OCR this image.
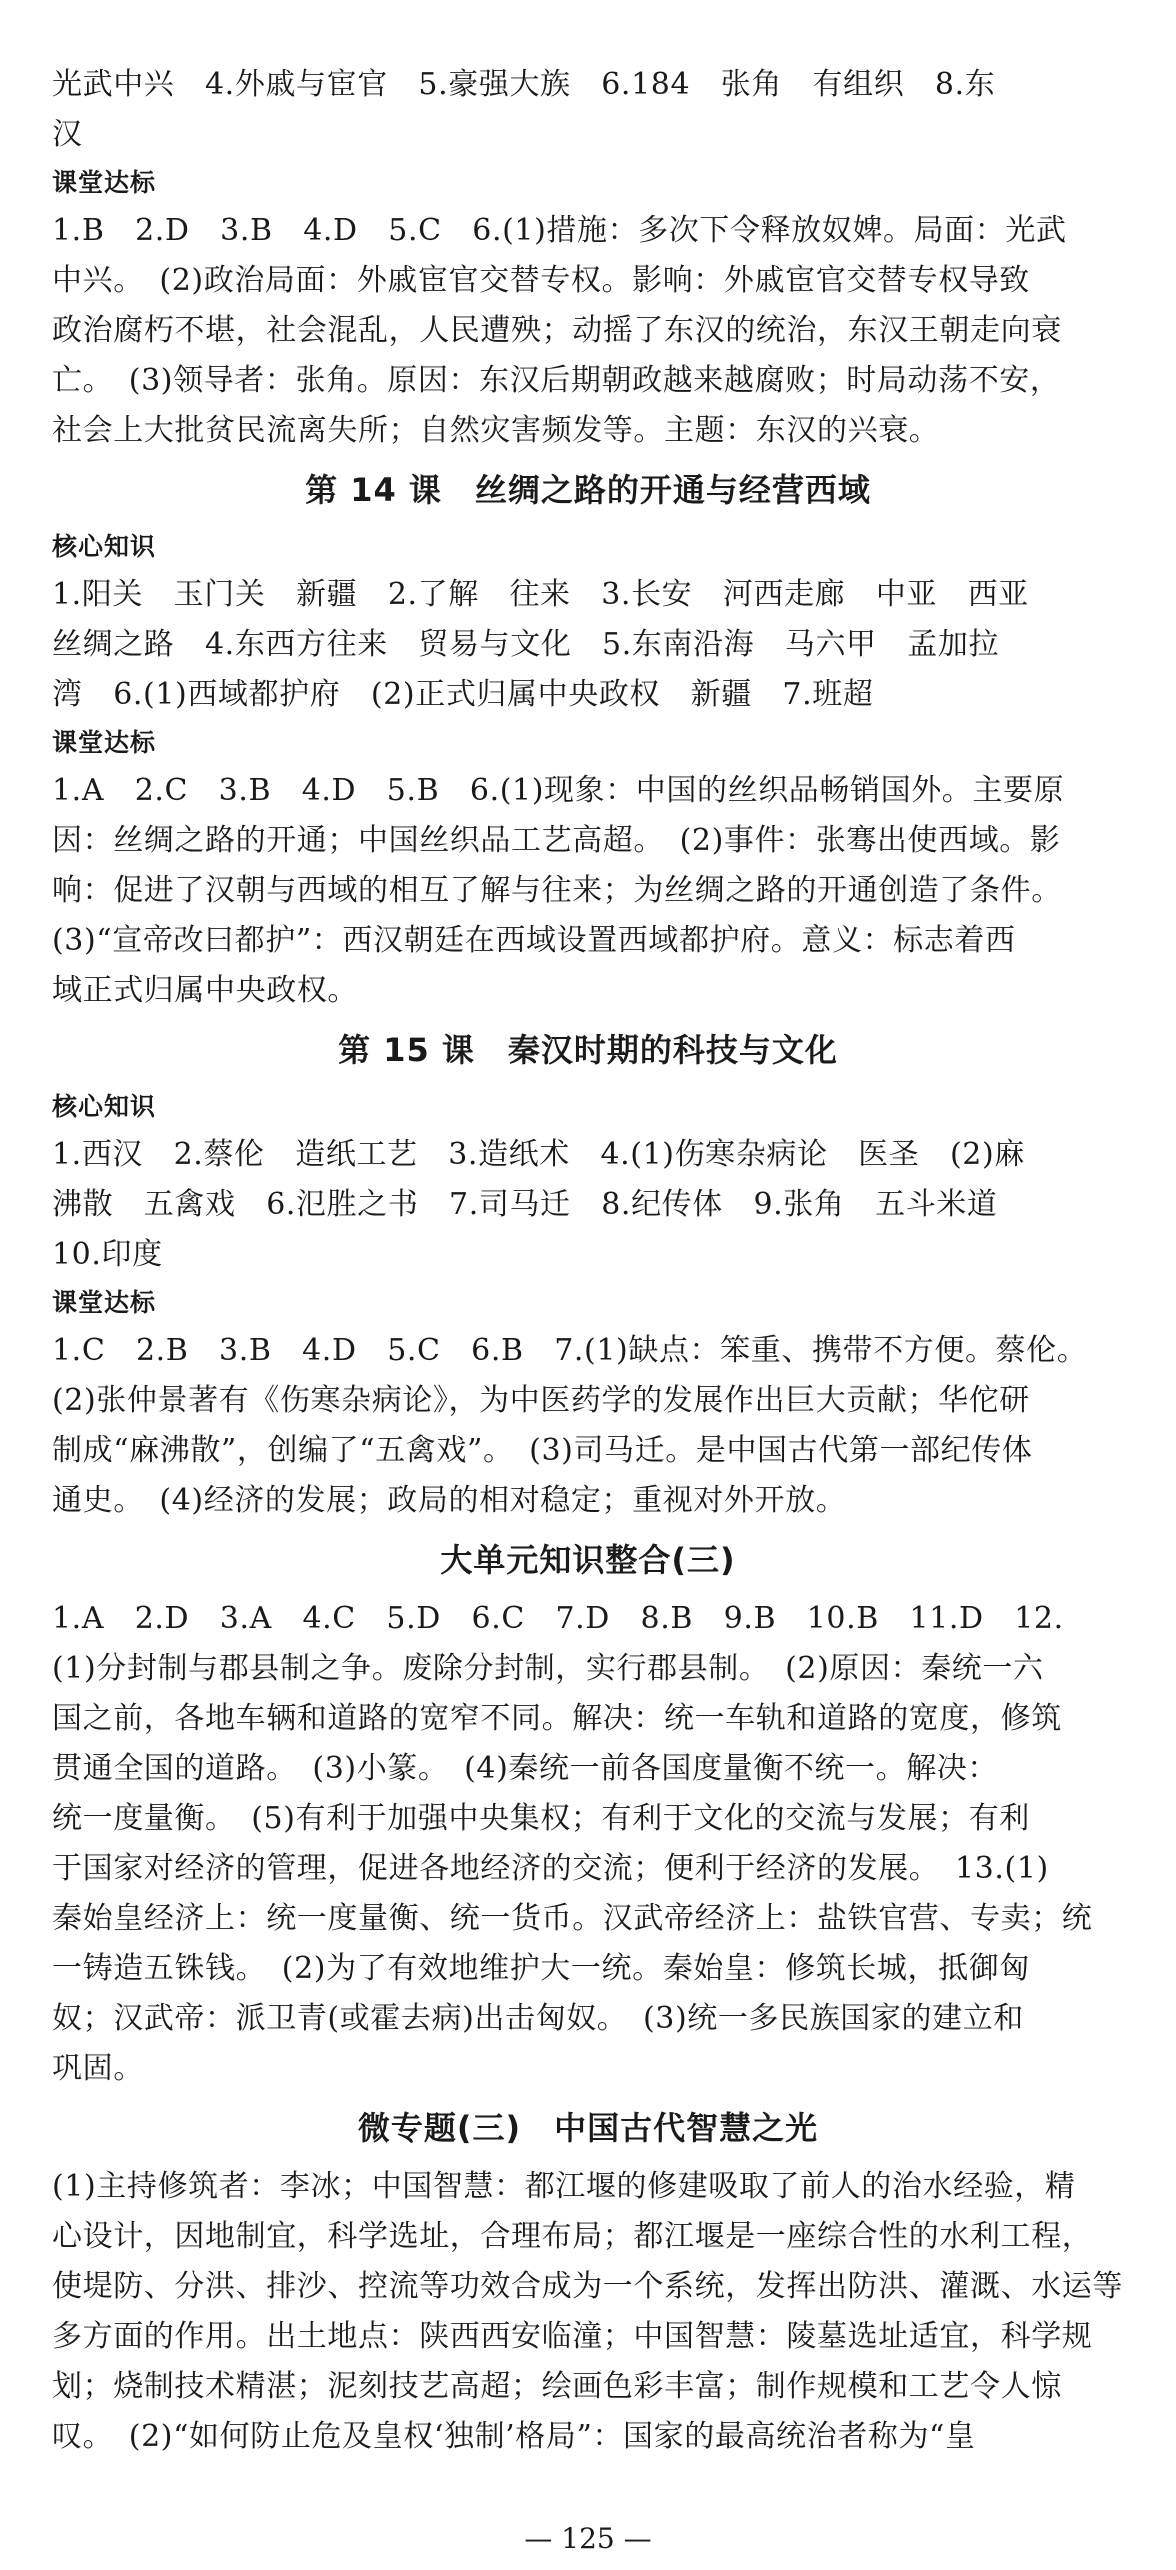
光武中兴　4.外戚与宦官　5.豪强大族　6.184　张角　有组织　8.东
汉
课堂达标
1.B　2.D　3.B　4.D　5.C　6.(1)措施：多次下令释放奴婢。局面：光武
中兴。　(2)政治局面：外戚宦官交替专权。影响：外戚宦官交替专权导致
政治腐朽不堪，社会混乱，人民遭殃；动摇了东汉的统治，东汉王朝走向衰
亡。　(3)领导者：张角。原因：东汉后期朝政越来越腐败；时局动荡不安，
社会上大批贫民流离失所；自然灾害频发等。主题：东汉的兴衰。
第 14 课　丝绸之路的开通与经营西域
核心知识
1.阳关　玉门关　新疆　2.了解　往来　3.长安　河西走廊　中亚　西亚
丝绸之路　4.东西方往来　贸易与文化　5.东南沿海　马六甲　孟加拉
湾　6.(1)西域都护府　(2)正式归属中央政权　新疆　7.班超
课堂达标
1.A　2.C　3.B　4.D　5.B　6.(1)现象：中国的丝织品畅销国外。主要原
因：丝绸之路的开通；中国丝织品工艺高超。　(2)事件：张骞出使西域。影
响：促进了汉朝与西域的相互了解与往来；为丝绸之路的开通创造了条件。
(3)“宣帝改曰都护”：西汉朝廷在西域设置西域都护府。意义：标志着西
域正式归属中央政权。
第 15 课　秦汉时期的科技与文化
核心知识
1.西汉　2.蔡伦　造纸工艺　3.造纸术　4.(1)伤寒杂病论　医圣　(2)麻
沸散　五禽戏　6.氾胜之书　7.司马迁　8.纪传体　9.张角　五斗米道
10.印度
课堂达标
1.C　2.B　3.B　4.D　5.C　6.B　7.(1)缺点：笨重、携带不方便。蔡伦。
(2)张仲景著有《伤寒杂病论》，为中医药学的发展作出巨大贡献；华佗研
制成“麻沸散”，创编了“五禽戏”。　(3)司马迁。是中国古代第一部纪传体
通史。　(4)经济的发展；政局的相对稳定；重视对外开放。
大单元知识整合(三)
1.A　2.D　3.A　4.C　5.D　6.C　7.D　8.B　9.B　10.B　11.D　12.
(1)分封制与郡县制之争。废除分封制，实行郡县制。　(2)原因：秦统一六
国之前，各地车辆和道路的宽窄不同。解决：统一车轨和道路的宽度，修筑
贯通全国的道路。　(3)小篆。　(4)秦统一前各国度量衡不统一。解决：
统一度量衡。　(5)有利于加强中央集权；有利于文化的交流与发展；有利
于国家对经济的管理，促进各地经济的交流；便利于经济的发展。　13.(1)
秦始皇经济上：统一度量衡、统一货币。汉武帝经济上：盐铁官营、专卖；统
一铸造五铢钱。　(2)为了有效地维护大一统。秦始皇：修筑长城，抵御匈
奴；汉武帝：派卫青(或霍去病)出击匈奴。　(3)统一多民族国家的建立和
巩固。
微专题(三)　中国古代智慧之光
(1)主持修筑者：李冰；中国智慧：都江堰的修建吸取了前人的治水经验，精
心设计，因地制宜，科学选址，合理布局；都江堰是一座综合性的水利工程，
使堤防、分洪、排沙、控流等功效合成为一个系统，发挥出防洪、灌溉、水运等
多方面的作用。出土地点：陕西西安临潼；中国智慧：陵墓选址适宜，科学规
划；烧制技术精湛；泥刻技艺高超；绘画色彩丰富；制作规模和工艺令人惊
叹。　(2)“如何防止危及皇权‘独制’格局”：国家的最高统治者称为“皇
— 125 —
